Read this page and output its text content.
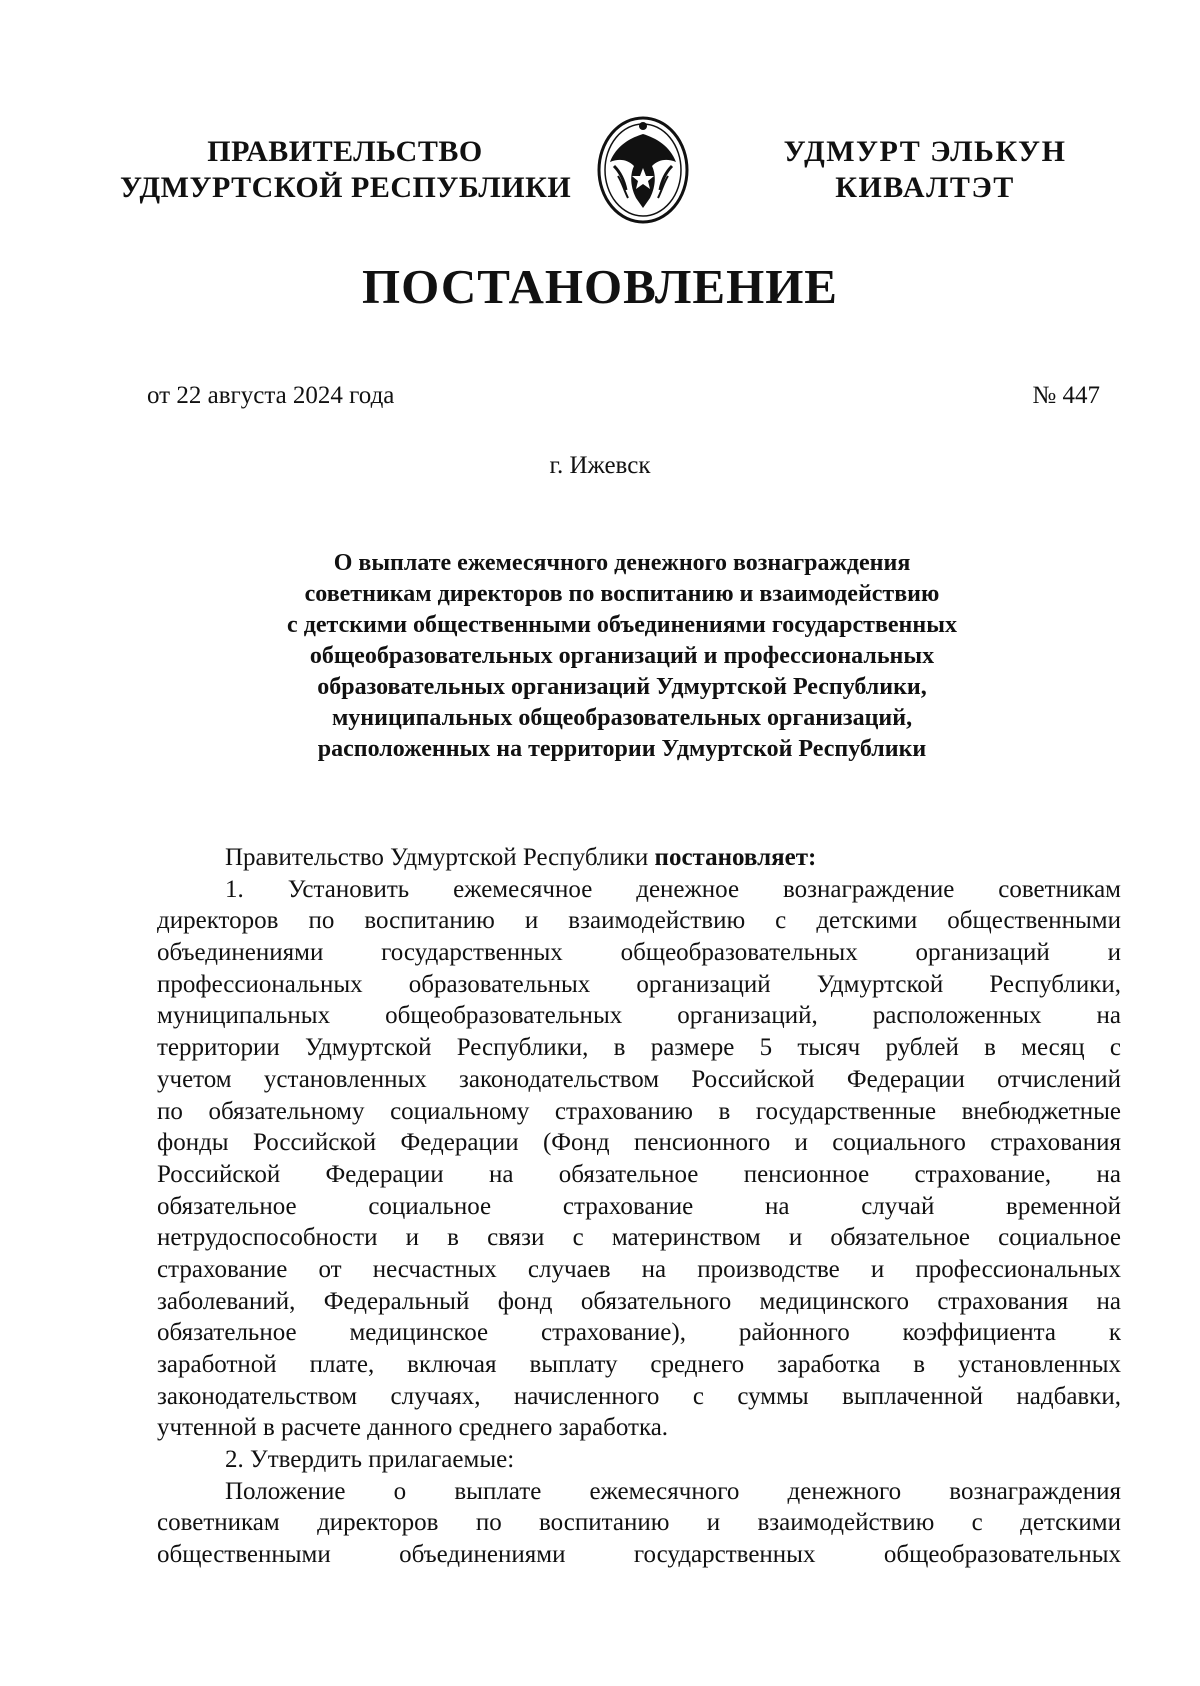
ПРАВИТЕЛЬСТВО
УДМУРТСКОЙ РЕСПУБЛИКИ
УДМУРТ ЭЛЬКУН
КИВАЛТЭТ
ПОСТАНОВЛЕНИЕ
от 22 августа 2024 года	№ 447
г. Ижевск
О выплате ежемесячного денежного вознаграждения
советникам директоров по воспитанию и взаимодействию
с детскими общественными объединениями государственных
общеобразовательных организаций и профессиональных
образовательных организаций Удмуртской Республики,
муниципальных общеобразовательных организаций,
расположенных на территории Удмуртской Республики
Правительство Удмуртской Республики постановляет:
1. Установить ежемесячное денежное вознаграждение советникам
директоров по воспитанию и взаимодействию с детскими общественными
объединениями государственных общеобразовательных организаций и
профессиональных образовательных организаций Удмуртской Республики,
муниципальных общеобразовательных организаций, расположенных на
территории Удмуртской Республики, в размере 5 тысяч рублей в месяц с
учетом установленных законодательством Российской Федерации отчислений
по обязательному социальному страхованию в государственные внебюджетные
фонды Российской Федерации (Фонд пенсионного и социального страхования
Российской Федерации на обязательное пенсионное страхование, на
обязательное социальное страхование на случай временной
нетрудоспособности и в связи с материнством и обязательное социальное
страхование от несчастных случаев на производстве и профессиональных
заболеваний, Федеральный фонд обязательного медицинского страхования на
обязательное медицинское страхование), районного коэффициента к
заработной плате, включая выплату среднего заработка в установленных
законодательством случаях, начисленного с суммы выплаченной надбавки,
учтенной в расчете данного среднего заработка.
2. Утвердить прилагаемые:
Положение о выплате ежемесячного денежного вознаграждения
советникам директоров по воспитанию и взаимодействию с детскими
общественными объединениями государственных общеобразовательных
